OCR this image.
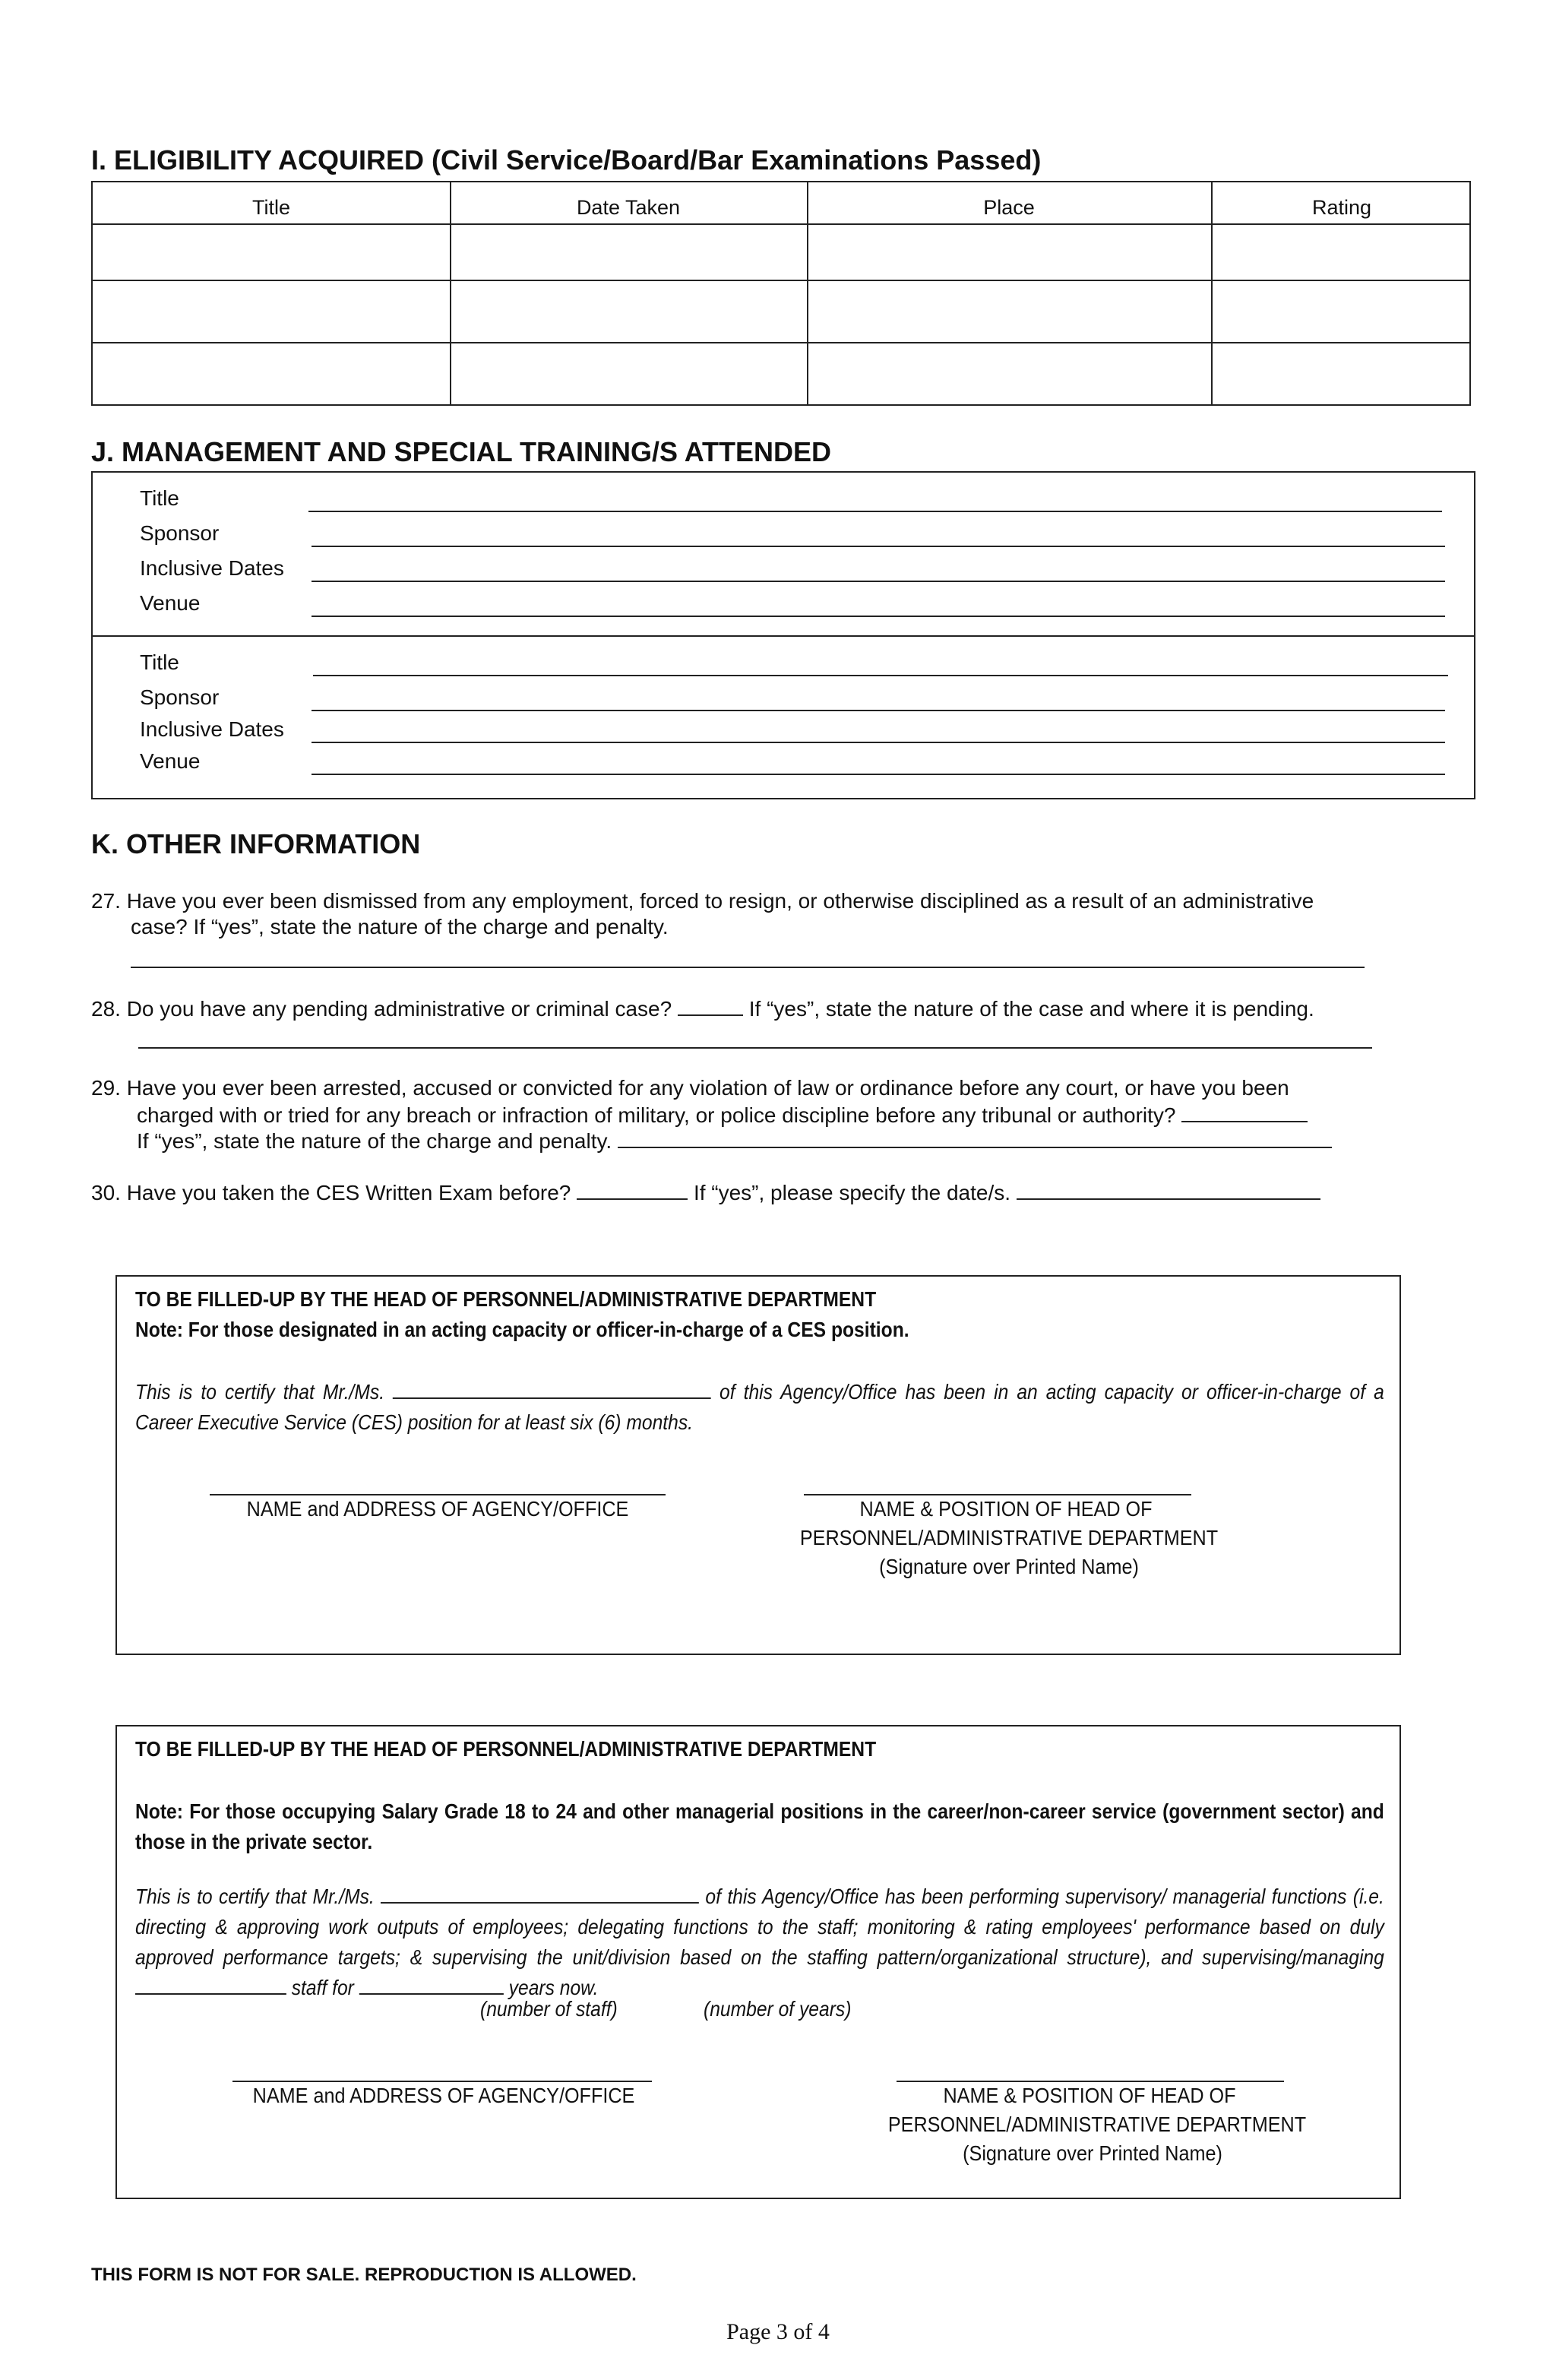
I. ELIGIBILITY ACQUIRED (Civil Service/Board/Bar Examinations Passed)
Title	Date Taken	Place	Rating
J. MANAGEMENT AND SPECIAL TRAINING/S ATTENDED
Title
Sponsor
Inclusive Dates
Venue
Title
Sponsor
Inclusive Dates
Venue
K. OTHER INFORMATION
27. Have you ever been dismissed from any employment, forced to resign, or otherwise disciplined as a result of an administrative
case? If “yes”, state the nature of the charge and penalty.
28. Do you have any pending administrative or criminal case?	If “yes”, state the nature of the case and where it is pending.
29. Have you ever been arrested, accused or convicted for any violation of law or ordinance before any court, or have you been
charged with or tried for any breach or infraction of military, or police discipline before any tribunal or authority?
If “yes”, state the nature of the charge and penalty.
30. Have you taken the CES Written Exam before?	If “yes”, please specify the date/s.
TO BE FILLED-UP BY THE HEAD OF PERSONNEL/ADMINISTRATIVE DEPARTMENT
Note: For those designated in an acting capacity or officer-in-charge of a CES position.
This is to certify that Mr./Ms.	of this Agency/Office has been in an acting capacity or officer-in-charge of a Career Executive Service (CES) position for at least six (6) months.
NAME and ADDRESS OF AGENCY/OFFICE	NAME & POSITION OF HEAD OF
PERSONNEL/ADMINISTRATIVE DEPARTMENT
(Signature over Printed Name)
TO BE FILLED-UP BY THE HEAD OF PERSONNEL/ADMINISTRATIVE DEPARTMENT
Note: For those occupying Salary Grade 18 to 24 and other managerial positions in the career/non-career service (government sector) and those in the private sector.
This is to certify that Mr./Ms.	of this Agency/Office has been performing supervisory/ managerial functions (i.e. directing & approving work outputs of employees; delegating functions to the staff; monitoring & rating employees' performance based on duly approved performance targets; & supervising the unit/division based on the staffing pattern/organizational structure), and supervising/managing  staff for	years now.
(number of staff)	(number of years)
NAME and ADDRESS OF AGENCY/OFFICE	NAME & POSITION OF HEAD OF
PERSONNEL/ADMINISTRATIVE DEPARTMENT
(Signature over Printed Name)
THIS FORM IS NOT FOR SALE. REPRODUCTION IS ALLOWED.
Page 3 of 4
